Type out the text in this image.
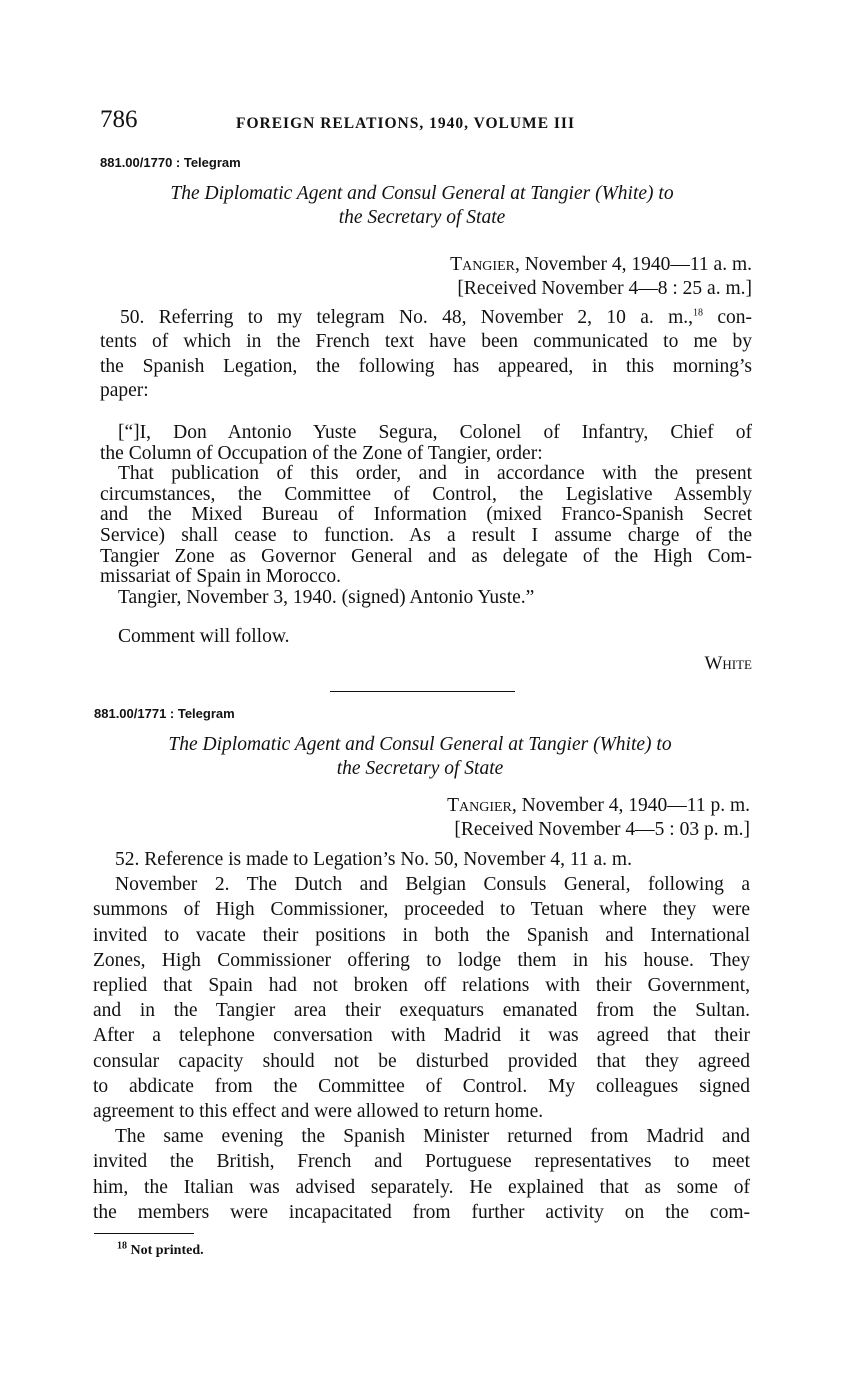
786	FOREIGN RELATIONS, 1940, VOLUME III
881.00/1770 : Telegram
The Diplomatic Agent and Consul General at Tangier (White) to
the Secretary of State
Tangier, November 4, 1940—11 a. m.
[Received November 4—8 : 25 a. m.]
50. Referring to my telegram No. 48, November 2, 10 a. m.,$^{18}$ con-
tents of which in the French text have been communicated to me by
the Spanish Legation, the following has appeared, in this morning’s
paper:
[“]I, Don Antonio Yuste Segura, Colonel of Infantry, Chief of
the Column of Occupation of the Zone of Tangier, order:
That publication of this order, and in accordance with the present
circumstances, the Committee of Control, the Legislative Assembly
and the Mixed Bureau of Information (mixed Franco-Spanish Secret
Service) shall cease to function. As a result I assume charge of the
Tangier Zone as Governor General and as delegate of the High Com-
missariat of Spain in Morocco.
Tangier, November 3, 1940. (signed) Antonio Yuste.”
Comment will follow.
White
881.00/1771 : Telegram
The Diplomatic Agent and Consul General at Tangier (White) to
the Secretary of State
Tangier, November 4, 1940—11 p. m.
[Received November 4—5 : 03 p. m.]
52. Reference is made to Legation’s No. 50, November 4, 11 a. m.
November 2. The Dutch and Belgian Consuls General, following a
summons of High Commissioner, proceeded to Tetuan where they were
invited to vacate their positions in both the Spanish and International
Zones, High Commissioner offering to lodge them in his house. They
replied that Spain had not broken off relations with their Government,
and in the Tangier area their exequaturs emanated from the Sultan.
After a telephone conversation with Madrid it was agreed that their
consular capacity should not be disturbed provided that they agreed
to abdicate from the Committee of Control. My colleagues signed
agreement to this effect and were allowed to return home.
The same evening the Spanish Minister returned from Madrid and
invited the British, French and Portuguese representatives to meet
him, the Italian was advised separately. He explained that as some of
the members were incapacitated from further activity on the com-
$^{18}$ Not printed.
